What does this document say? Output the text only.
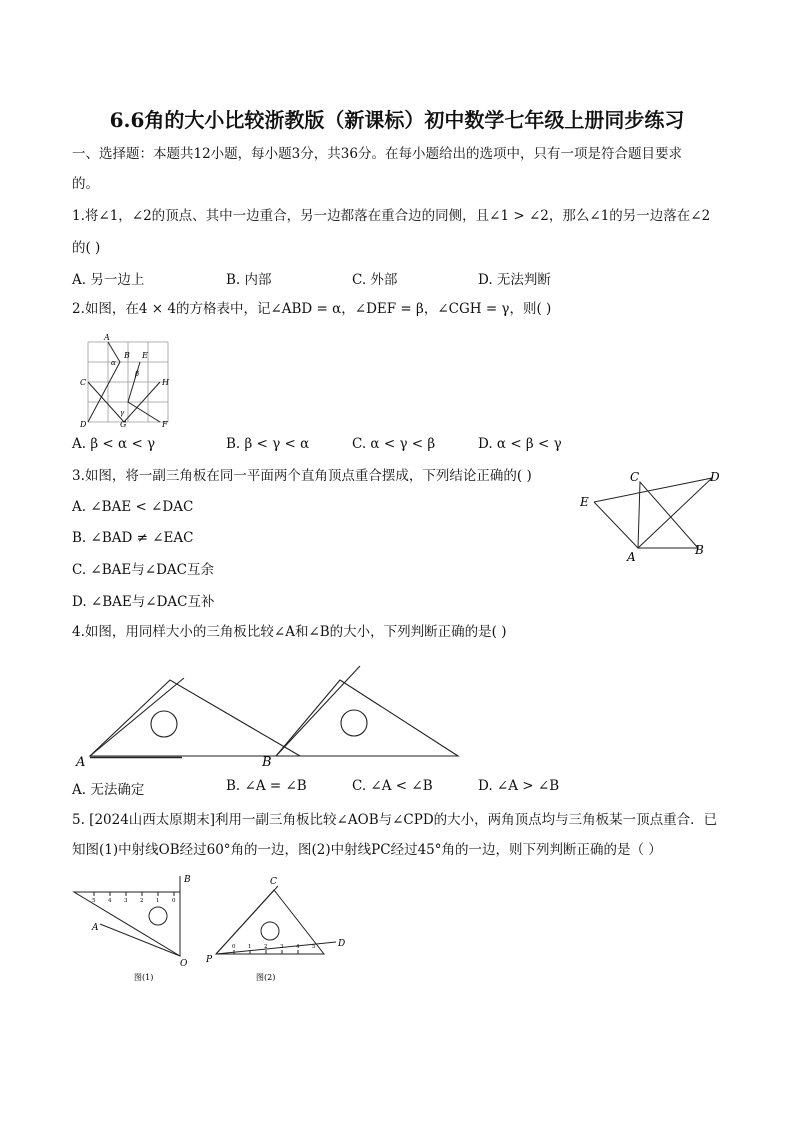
6.6角的大小比较浙教版（新课标）初中数学七年级上册同步练习
一、选择题：本题共12小题，每小题3分，共36分。在每小题给出的选项中，只有一项是符合题目要求
的。
1.将∠1，∠2的顶点、其中一边重合，另一边都落在重合边的同侧，且∠1 > ∠2，那么∠1的另一边落在∠2
的( )
A. 另一边上	B. 内部	C. 外部	D. 无法判断
2.如图，在4 × 4的方格表中，记∠ABD = α，∠DEF = β，∠CGH = γ，则( )
A
B E
C	H
D	G	F
α
β
γ
A. β < α < γ	B. β < γ < α	C. α < γ < β	D. α < β < γ
3.如图，将一副三角板在同一平面两个直角顶点重合摆成，下列结论正确的( )
A. ∠BAE < ∠DAC
B. ∠BAD ≠ ∠EAC
C. ∠BAE与∠DAC互余
D. ∠BAE与∠DAC互补
C	D
E
A	B
4.如图，用同样大小的三角板比较∠A和∠B的大小，下列判断正确的是( )
A	B
A. 无法确定	B. ∠A = ∠B	C. ∠A < ∠B	D. ∠A > ∠B
5. [2024山西太原期末]利用一副三角板比较∠AOB与∠CPD的大小，两角顶点均与三角板某一顶点重合．已
知图(1)中射线OB经过60°角的一边，图(2)中射线PC经过45°角的一边，则下列判断正确的是（ ）
5 4 3 2 1 0
B
A
O
图(1)
0 1 2 3 4 5
C
D
P
图(2)
